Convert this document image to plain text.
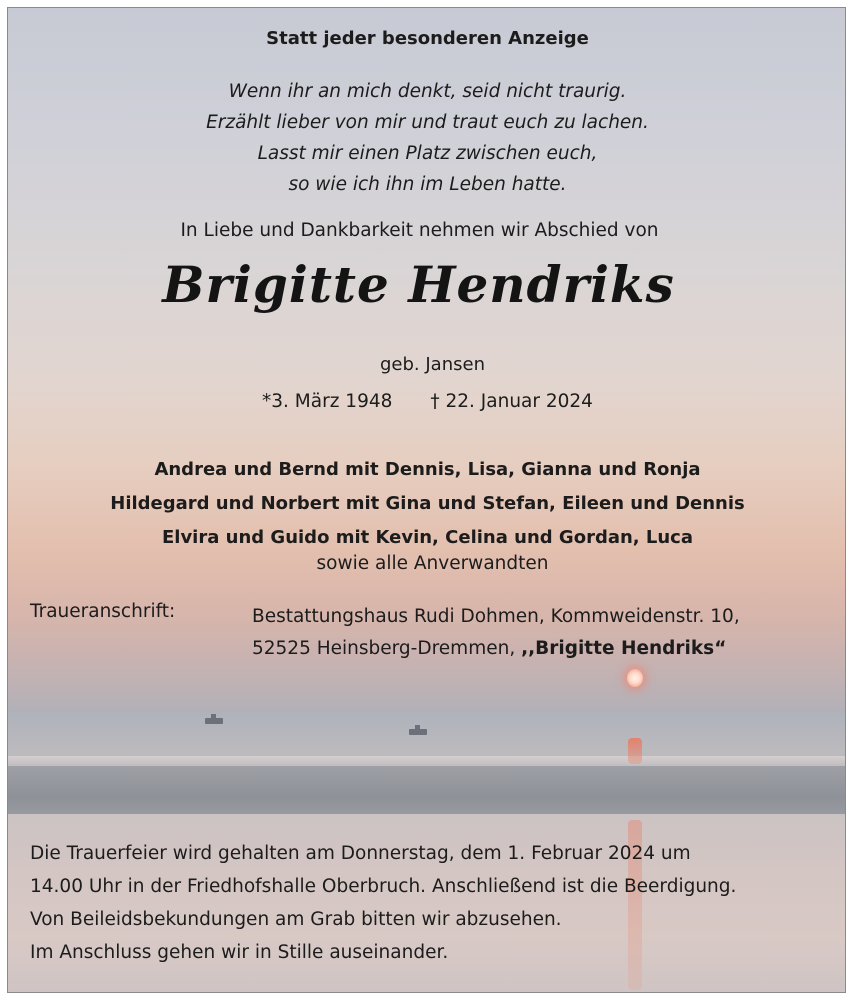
Statt jeder besonderen Anzeige

Wenn ihr an mich denkt, seid nicht traurig.
Erzählt lieber von mir und traut euch zu lachen.
Lasst mir einen Platz zwischen euch,
so wie ich ihn im Leben hatte.

In Liebe und Dankbarkeit nehmen wir Abschied von

Brigitte Hendriks

geb. Jansen

*3. März 1948 † 22. Januar 2024

Andrea und Bernd mit Dennis, Lisa, Gianna und Ronja
Hildegard und Norbert mit Gina und Stefan, Eileen und Dennis
Elvira und Guido mit Kevin, Celina und Gordan, Luca

sowie alle Anverwandten

Traueranschrift:	Bestattungshaus Rudi Dohmen, Kommweidenstr. 10,
52525 Heinsberg-Dremmen, ,,Brigitte Hendriks“
Die Trauerfeier wird gehalten am Donnerstag, dem 1. Februar 2024 um
14.00 Uhr in der Friedhofshalle Oberbruch. Anschließend ist die Beerdigung.
Von Beileidsbekundungen am Grab bitten wir abzusehen.
Im Anschluss gehen wir in Stille auseinander.
